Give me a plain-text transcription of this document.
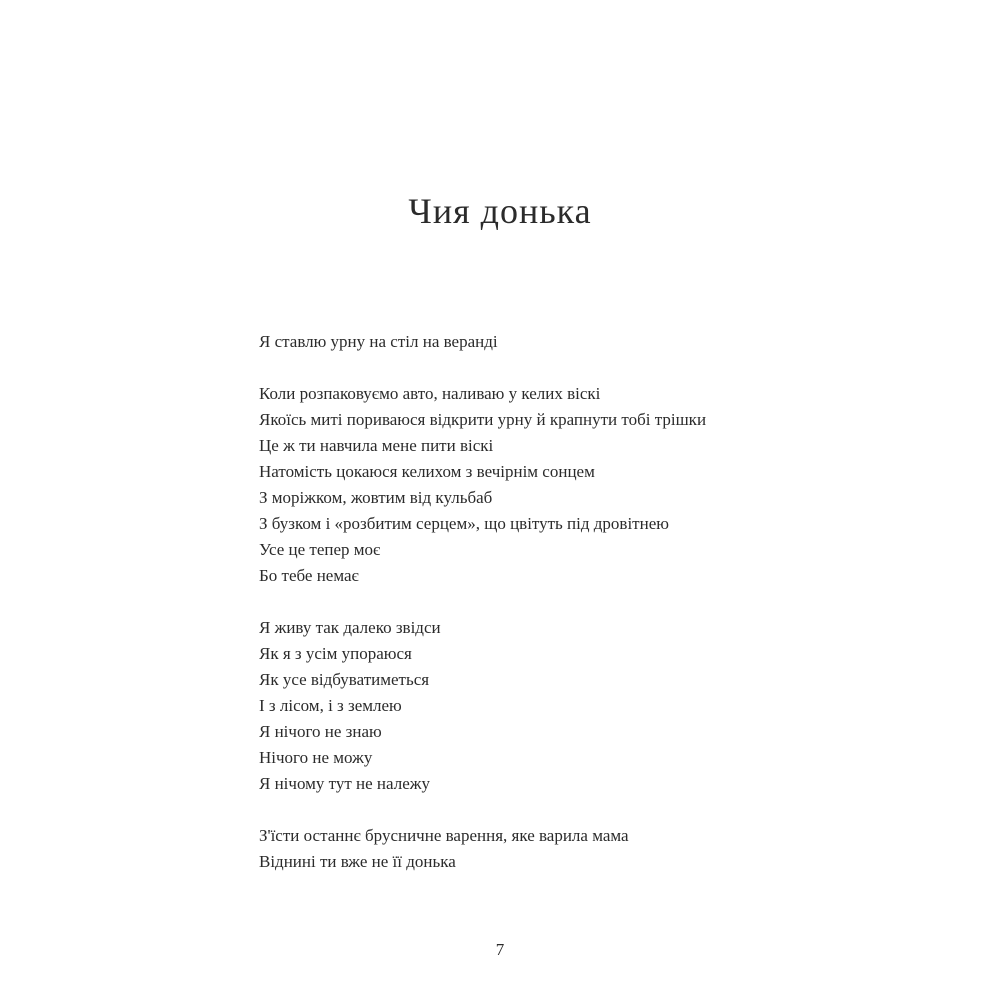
Чия донька
Я ставлю урну на стіл на веранді
Коли розпаковуємо авто, наливаю у келих віскі
Якоїсь миті пориваюся відкрити урну й крапнути тобі трішки
Це ж ти навчила мене пити віскі
Натомість цокаюся келихом з вечірнім сонцем
З моріжком, жовтим від кульбаб
З бузком і «розбитим серцем», що цвітуть під дровітнею
Усе це тепер моє
Бо тебе немає
Я живу так далеко звідси
Як я з усім упораюся
Як усе відбуватиметься
І з лісом, і з землею
Я нічого не знаю
Нічого не можу
Я нічому тут не належу
З'їсти останнє брусничне варення, яке варила мама
Віднині ти вже не її донька
7
